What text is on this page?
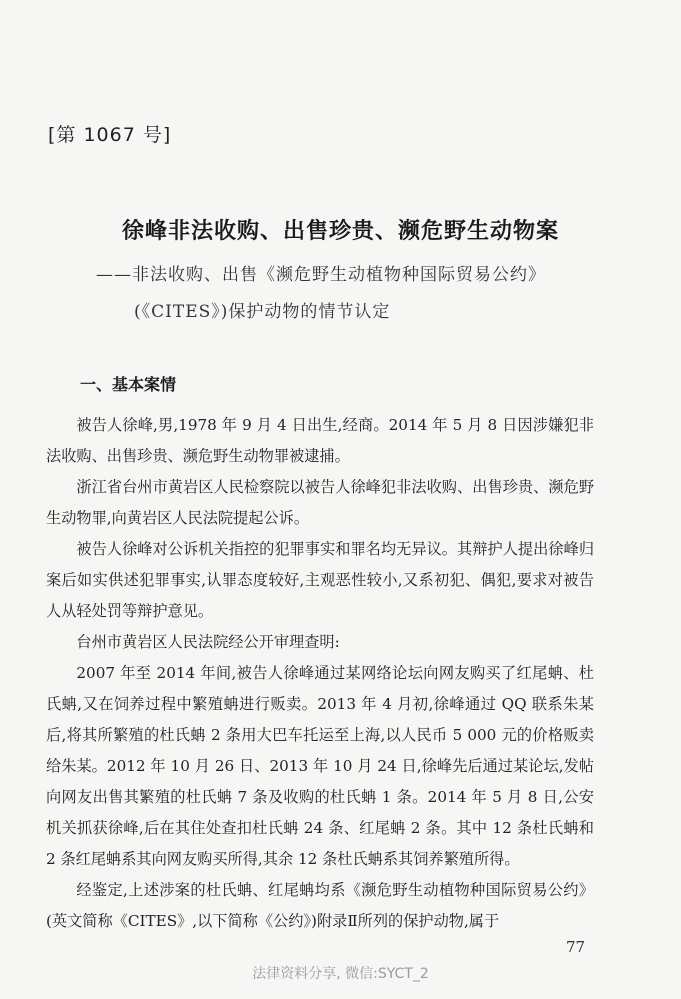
[第 1067 号]
徐峰非法收购、出售珍贵、濒危野生动物案
——非法收购、出售《濒危野生动植物种国际贸易公约》
(《CITES》)保护动物的情节认定
一、基本案情

被告人徐峰,男,1978 年 9 月 4 日出生,经商。2014 年 5 月 8 日因涉嫌犯非法收购、出售珍贵、濒危野生动物罪被逮捕。

浙江省台州市黄岩区人民检察院以被告人徐峰犯非法收购、出售珍贵、濒危野生动物罪,向黄岩区人民法院提起公诉。

被告人徐峰对公诉机关指控的犯罪事实和罪名均无异议。其辩护人提出徐峰归案后如实供述犯罪事实,认罪态度较好,主观恶性较小,又系初犯、偶犯,要求对被告人从轻处罚等辩护意见。

台州市黄岩区人民法院经公开审理查明:

2007 年至 2014 年间,被告人徐峰通过某网络论坛向网友购买了红尾蚺、杜氏蚺,又在饲养过程中繁殖蚺进行贩卖。2013 年 4 月初,徐峰通过 QQ 联系朱某后,将其所繁殖的杜氏蚺 2 条用大巴车托运至上海,以人民币 5 000 元的价格贩卖给朱某。2012 年 10 月 26 日、2013 年 10 月 24 日,徐峰先后通过某论坛,发帖向网友出售其繁殖的杜氏蚺 7 条及收购的杜氏蚺 1 条。2014 年 5 月 8 日,公安机关抓获徐峰,后在其住处查扣杜氏蚺 24 条、红尾蚺 2 条。其中 12 条杜氏蚺和 2 条红尾蚺系其向网友购买所得,其余 12 条杜氏蚺系其饲养繁殖所得。

经鉴定,上述涉案的杜氏蚺、红尾蚺均系《濒危野生动植物种国际贸易公约》(英文简称《CITES》,以下简称《公约》)附录Ⅱ所列的保护动物,属于

77
法律资料分享, 微信:SYCT_2
